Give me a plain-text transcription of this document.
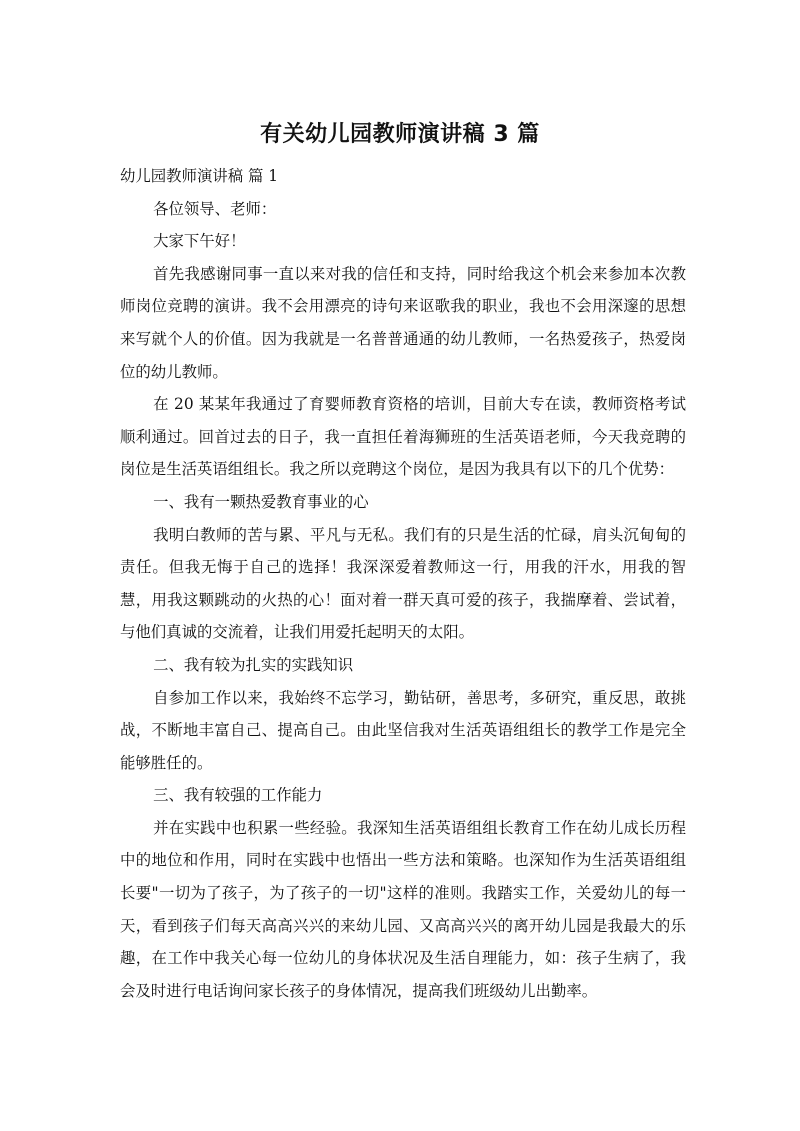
有关幼儿园教师演讲稿 3 篇

幼儿园教师演讲稿 篇 1

各位领导、老师：

大家下午好！

首先我感谢同事一直以来对我的信任和支持，同时给我这个机会来参加本次教师岗位竞聘的演讲。我不会用漂亮的诗句来讴歌我的职业，我也不会用深邃的思想来写就个人的价值。因为我就是一名普普通通的幼儿教师，一名热爱孩子，热爱岗位的幼儿教师。

在 20 某某年我通过了育婴师教育资格的培训，目前大专在读，教师资格考试顺利通过。回首过去的日子，我一直担任着海狮班的生活英语老师，今天我竞聘的岗位是生活英语组组长。我之所以竞聘这个岗位，是因为我具有以下的几个优势：

一、我有一颗热爱教育事业的心

我明白教师的苦与累、平凡与无私。我们有的只是生活的忙碌，肩头沉甸甸的责任。但我无悔于自己的选择！我深深爱着教师这一行，用我的汗水，用我的智慧，用我这颗跳动的火热的心！面对着一群天真可爱的孩子，我揣摩着、尝试着，与他们真诚的交流着，让我们用爱托起明天的太阳。

二、我有较为扎实的实践知识

自参加工作以来，我始终不忘学习，勤钻研，善思考，多研究，重反思，敢挑战，不断地丰富自己、提高自己。由此坚信我对生活英语组组长的教学工作是完全能够胜任的。

三、我有较强的工作能力

并在实践中也积累一些经验。我深知生活英语组组长教育工作在幼儿成长历程中的地位和作用，同时在实践中也悟出一些方法和策略。也深知作为生活英语组组长要"一切为了孩子，为了孩子的一切"这样的准则。我踏实工作，关爱幼儿的每一天，看到孩子们每天高高兴兴的来幼儿园、又高高兴兴的离开幼儿园是我最大的乐趣，在工作中我关心每一位幼儿的身体状况及生活自理能力，如：孩子生病了，我会及时进行电话询问家长孩子的身体情况，提高我们班级幼儿出勤率。
